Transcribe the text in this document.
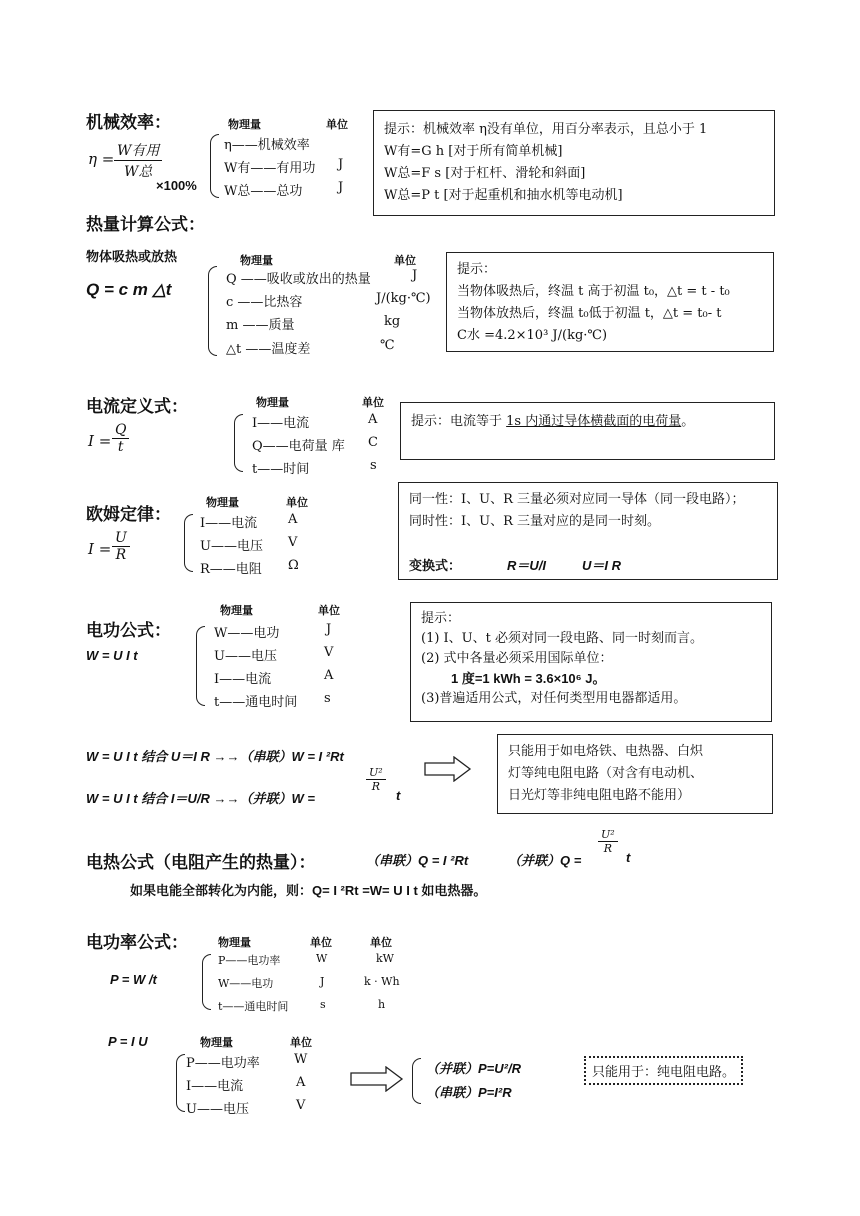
机械效率：
η = W有用
W总
×100%
物理量	单位
η——机械效率
W有——有用功 J
W总——总功	J
提示：机械效率 η没有单位，用百分率表示，且总小于 1
W有=G h [对于所有简单机械]
W总=F s [对于杠杆、滑轮和斜面]
W总=P t [对于起重机和抽水机等电动机]
热量计算公式：
物体吸热或放热
Q = c m △t
物理量	单位
Q ——吸收或放出的热量	J
c ——比热容	J/(kg·℃)
m ——质量	kg
△t ——温度差	℃
提示：
当物体吸热后，终温 t 高于初温 t₀，△t = t - t₀
当物体放热后，终温 t₀低于初温 t，△t = t₀- t
C水 =4.2×10³ J/(kg·℃)
电流定义式：
$I = \frac{Q}{t}$
物理量	单位
I——电流	A
Q——电荷量 库 C
t——时间	s
提示：电流等于 1s 内通过导体横截面的电荷量。
欧姆定律：
$I = \frac{U}{R}$
物理量	单位
I——电流 A
U——电压 V
R——电阻 Ω
同一性：I、U、R 三量必须对应同一导体（同一段电路）；
同时性：I、U、R 三量对应的是同一时刻。
变换式：	R＝U/I	U＝I R
电功公式：
W = U I t
物理量	单位
W——电功	J
U——电压	V
I——电流	A
t——通电时间 s
提示：
(1) I、U、t 必须对同一段电路、同一时刻而言。
(2) 式中各量必须采用国际单位：
1 度=1 kWh = 3.6×10⁶ J。
(3)普遍适用公式，对任何类型用电器都适用。
W = U I t 结合 U＝I R →→（串联）W = I ²Rt
W = U I t 结合 I＝U/R →→（并联）W =
$\frac{\text{U²}}{R}$
t
只能用于如电烙铁、电热器、白炽
灯等纯电阻电路（对含有电动机、
日光灯等非纯电阻电路不能用）
电热公式（电阻产生的热量）：	（串联）Q = I ²Rt	（并联）Q =
$\frac{\text{U²}}{R}$
t
如果电能全部转化为内能，则：Q= I ²Rt =W= U I t 如电热器。
电功率公式：
P = W /t
物理量	单位	单位
P——电功率	W	kW
W——电功	J	k · Wh
t——通电时间	s	h
P = I U	物理量	单位
P——电功率	W
I——电流	A
U——电压	V
（并联）P=U²/R
（串联）P=I²R
只能用于：纯电阻电路。
